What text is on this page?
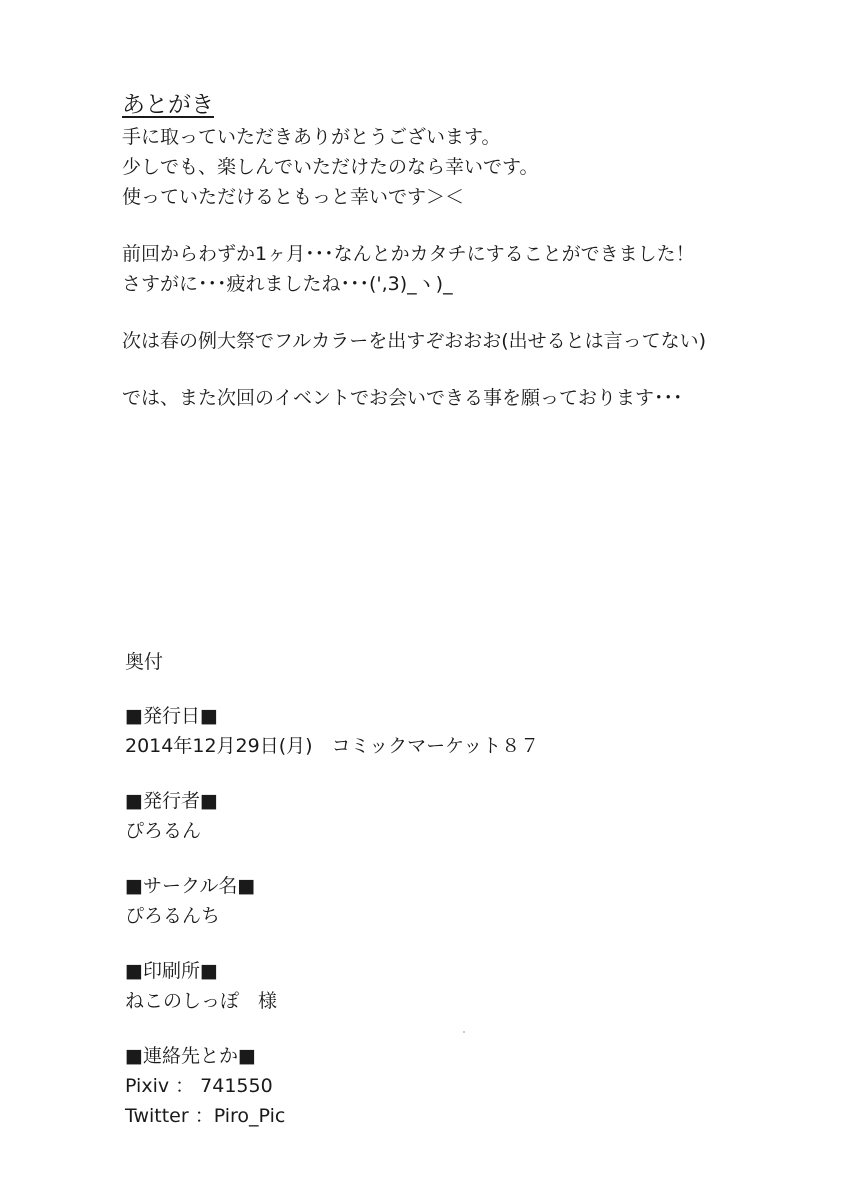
あとがき

手に取っていただきありがとうございます。

少しでも、楽しんでいただけたのなら幸いです。

使っていただけるともっと幸いです＞＜

前回からわずか1ヶ月･･･なんとかカタチにすることができました！

さすがに･･･疲れましたね･･･(',3)_ヽ)_

次は春の例大祭でフルカラーを出すぞおおお(出せるとは言ってない)

では、また次回のイベントでお会いできる事を願っております･･･

奥付

■発行日■

2014年12月29日(月)　コミックマーケット８７

■発行者■

ぴろるん

■サークル名■

ぴろるんち

■印刷所■

ねこのしっぽ　様

■連絡先とか■

Pixiv ： 741550

Twitter ：Piro_Pic
